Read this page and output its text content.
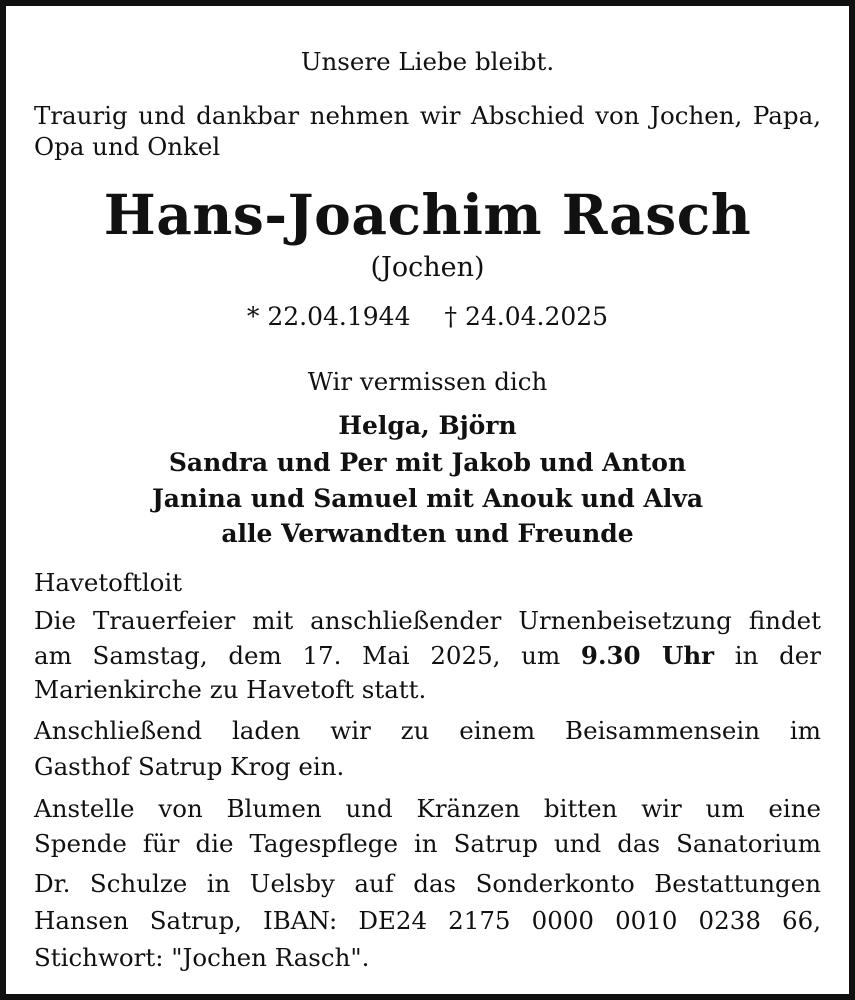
Unsere Liebe bleibt.
Traurig und dankbar nehmen wir Abschied von Jochen, Papa,
Opa und Onkel
Hans-Joachim Rasch
(Jochen)
* 22.04.1944 † 24.04.2025
Wir vermissen dich
Helga, Björn
Sandra und Per mit Jakob und Anton
Janina und Samuel mit Anouk und Alva
alle Verwandten und Freunde
Havetoftloit
Die Trauerfeier mit anschließender Urnenbeisetzung findet
am Samstag, dem 17. Mai 2025, um 9.30 Uhr in der
Marienkirche zu Havetoft statt.
Anschließend laden wir zu einem Beisammensein im
Gasthof Satrup Krog ein.
Anstelle von Blumen und Kränzen bitten wir um eine
Spende für die Tagespflege in Satrup und das Sanatorium
Dr. Schulze in Uelsby auf das Sonderkonto Bestattungen
Hansen Satrup, IBAN: DE24 2175 0000 0010 0238 66,
Stichwort: "Jochen Rasch".
